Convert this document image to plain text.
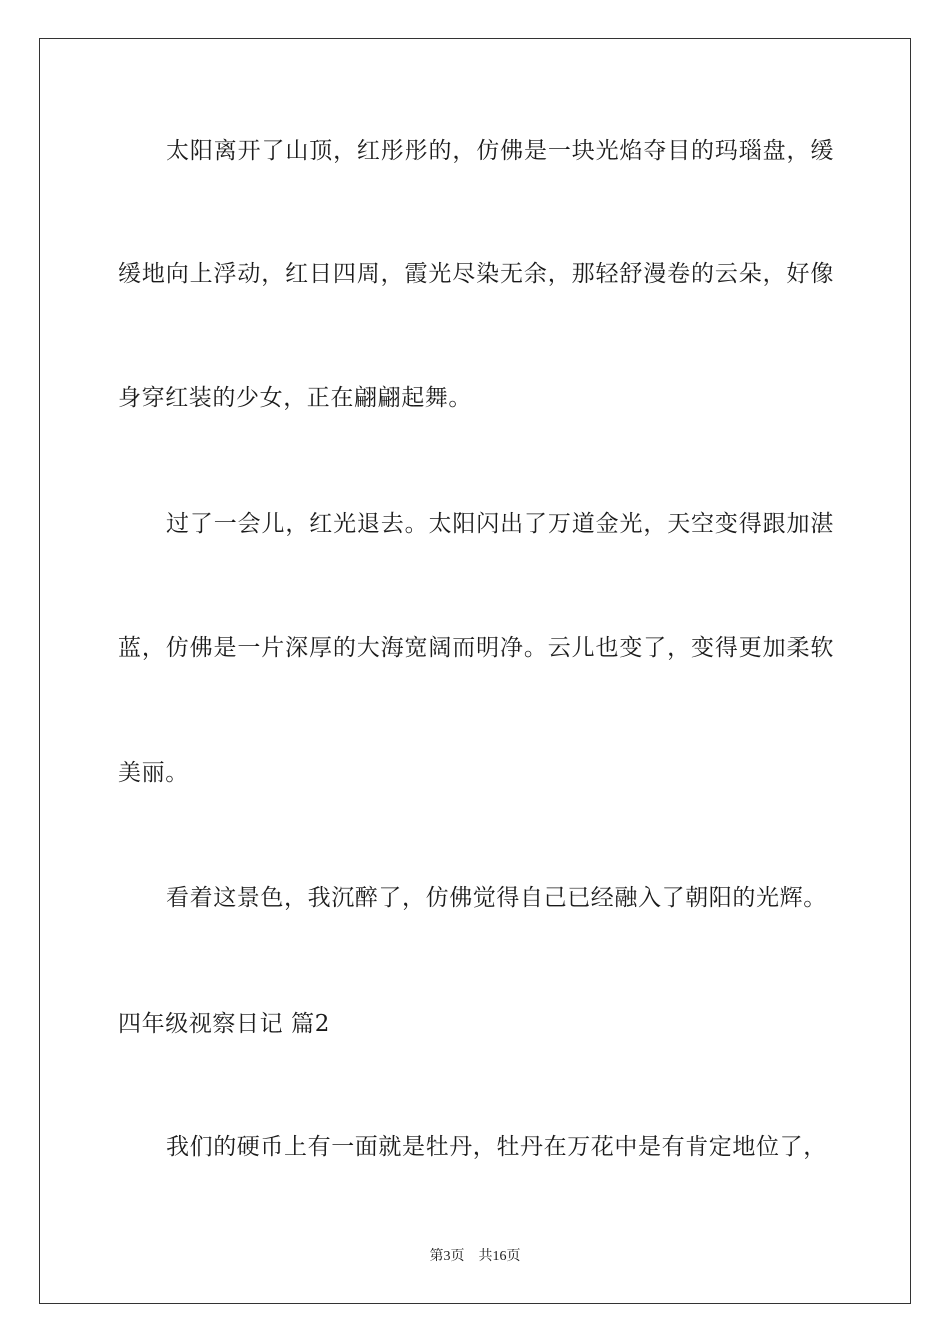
太阳离开了山顶，红彤彤的，仿佛是一块光焰夺目的玛瑙盘，缓
缓地向上浮动，红日四周，霞光尽染无余，那轻舒漫卷的云朵，好像
身穿红装的少女，正在翩翩起舞。
过了一会儿，红光退去。太阳闪出了万道金光，天空变得跟加湛
蓝，仿佛是一片深厚的大海宽阔而明净。云儿也变了，变得更加柔软
美丽。
看着这景色，我沉醉了，仿佛觉得自己已经融入了朝阳的光辉。
四年级视察日记 篇2
我们的硬币上有一面就是牡丹，牡丹在万花中是有肯定地位了，
第3页 共16页
